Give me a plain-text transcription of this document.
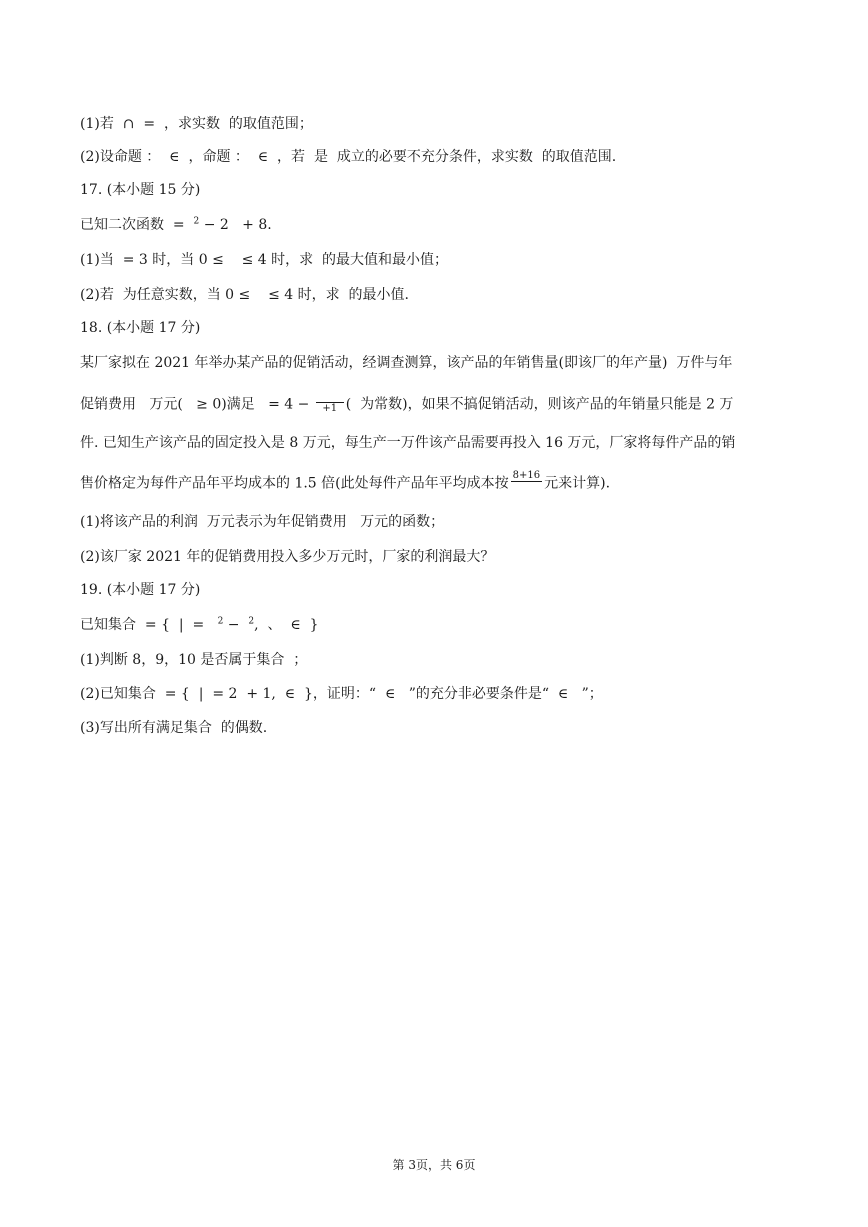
(1)若  ∩  =  ，求实数  的取值范围；
(2)设命题 ：  ∈  ，命题 ：  ∈  ，若  是  成立的必要不充分条件，求实数  的取值范围.
17. (本小题 15 分)
已知二次函数  =  $^2$ − 2   + 8.
(1)当  = 3 时，当 0 ≤    ≤ 4 时，求  的最大值和最小值；
(2)若  为任意实数，当 0 ≤    ≤ 4 时，求  的最小值.
18. (本小题 17 分)
某厂家拟在 2021 年举办某产品的促销活动，经调查测算，该产品的年销售量(即该厂的年产量)  万件与年
促销费用   万元(   ≥ 0)满足   = 4 −
+1 (  为常数)，如果不搞促销活动，则该产品的年销量只能是 2 万
件. 已知生产该产品的固定投入是 8 万元，每生产一万件该产品需要再投入 16 万元，厂家将每件产品的销
售价格定为每件产品年平均成本的 1.5 倍(此处每件产品年平均成本按 8+16
元来计算).
(1)将该产品的利润  万元表示为年促销费用   万元的函数；
(2)该厂家 2021 年的促销费用投入多少万元时，厂家的利润最大？
19. (本小题 17 分)
已知集合  = {  |  =   $^2$ −  $^2$,  、  ∈  }
(1)判断 8，9，10 是否属于集合  ；
(2)已知集合  = {  |  = 2  + 1,  ∈  }，证明：“  ∈   ”的充分非必要条件是“  ∈   ”；
(3)写出所有满足集合  的偶数.
第 3页，共 6页
